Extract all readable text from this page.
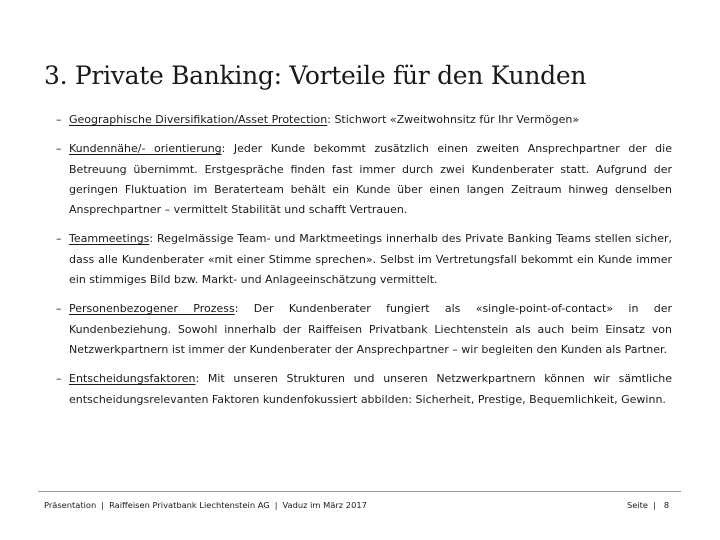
3. Private Banking: Vorteile für den Kunden
– Geographische Diversifikation/Asset Protection: Stichwort «Zweitwohnsitz für Ihr Vermögen»
– Kundennähe/- orientierung: Jeder Kunde bekommt zusätzlich einen zweiten Ansprechpartner der die Betreuung übernimmt. Erstgespräche finden fast immer durch zwei Kundenberater statt. Aufgrund der geringen Fluktuation im Beraterteam behält ein Kunde über einen langen Zeitraum hinweg denselben Ansprechpartner – vermittelt Stabilität und schafft Vertrauen.
– Teammeetings: Regelmässige Team- und Marktmeetings innerhalb des Private Banking Teams stellen sicher, dass alle Kundenberater «mit einer Stimme sprechen». Selbst im Vertretungsfall bekommt ein Kunde immer ein stimmiges Bild bzw. Markt- und Anlageeinschätzung vermittelt.
– Personenbezogener Prozess: Der Kundenberater fungiert als «single-point-of-contact» in der Kundenbeziehung. Sowohl innerhalb der Raiffeisen Privatbank Liechtenstein als auch beim Einsatz von Netzwerkpartnern ist immer der Kundenberater der Ansprechpartner – wir begleiten den Kunden als Partner.
– Entscheidungsfaktoren: Mit unseren Strukturen und unseren Netzwerkpartnern können wir sämtliche entscheidungsrelevanten Faktoren kundenfokussiert abbilden: Sicherheit, Prestige, Bequemlichkeit, Gewinn.
Präsentation | Raiffeisen Privatbank Liechtenstein AG | Vaduz im März 2017	Seite | 8
